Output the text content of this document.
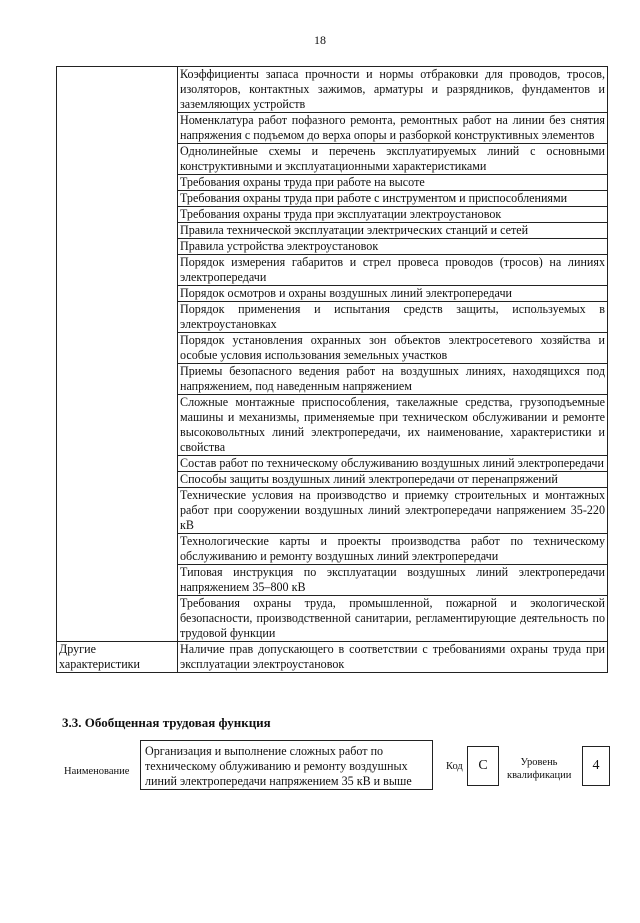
18
	Коэффициенты запаса прочности и нормы отбраковки для проводов, тросов, изоляторов, контактных зажимов, арматуры и разрядников, фундаментов и заземляющих устройств
	Номенклатура работ пофазного ремонта, ремонтных работ на линии без снятия напряжения с подъемом до верха опоры и разборкой конструктивных элементов
	Однолинейные схемы и перечень эксплуатируемых линий с основными конструктивными и эксплуатационными характеристиками
	Требования охраны труда при работе на высоте
	Требования охраны труда при работе с инструментом и приспособлениями
	Требования охраны труда при эксплуатации электроустановок
	Правила технической эксплуатации электрических станций и сетей
	Правила устройства электроустановок
	Порядок измерения габаритов и стрел провеса проводов (тросов) на линиях электропередачи
	Порядок осмотров и охраны воздушных линий электропередачи
	Порядок применения и испытания средств защиты, используемых в электроустановках
	Порядок установления охранных зон объектов электросетевого хозяйства и особые условия использования земельных участков
	Приемы безопасного ведения работ на воздушных линиях, находящихся под напряжением, под наведенным напряжением
	Сложные монтажные приспособления, такелажные средства, грузоподъемные машины и механизмы, применяемые при техническом обслуживании и ремонте высоковольтных линий электропередачи, их наименование, характеристики и свойства
	Состав работ по техническому обслуживанию воздушных линий электропередачи
	Способы защиты воздушных линий электропередачи от перенапряжений
	Технические условия на производство и приемку строительных и монтажных работ при сооружении воздушных линий электропередачи напряжением 35-220 кВ
	Технологические карты и проекты производства работ по техническому обслуживанию и ремонту воздушных линий электропередачи
	Типовая инструкция по эксплуатации воздушных линий электропередачи напряжением 35–800 кВ
	Требования охраны труда, промышленной, пожарной и экологической безопасности, производственной санитарии, регламентирующие деятельность по трудовой функции
Другие характеристики	Наличие прав допускающего в соответствии с требованиями охраны труда при эксплуатации электроустановок
3.3. Обобщенная трудовая функция
Наименование
Организация и выполнение сложных работ по техническому облуживанию и ремонту воздушных линий электропередачи напряжением 35 кВ и выше
Код	С	Уровень квалификации
4
